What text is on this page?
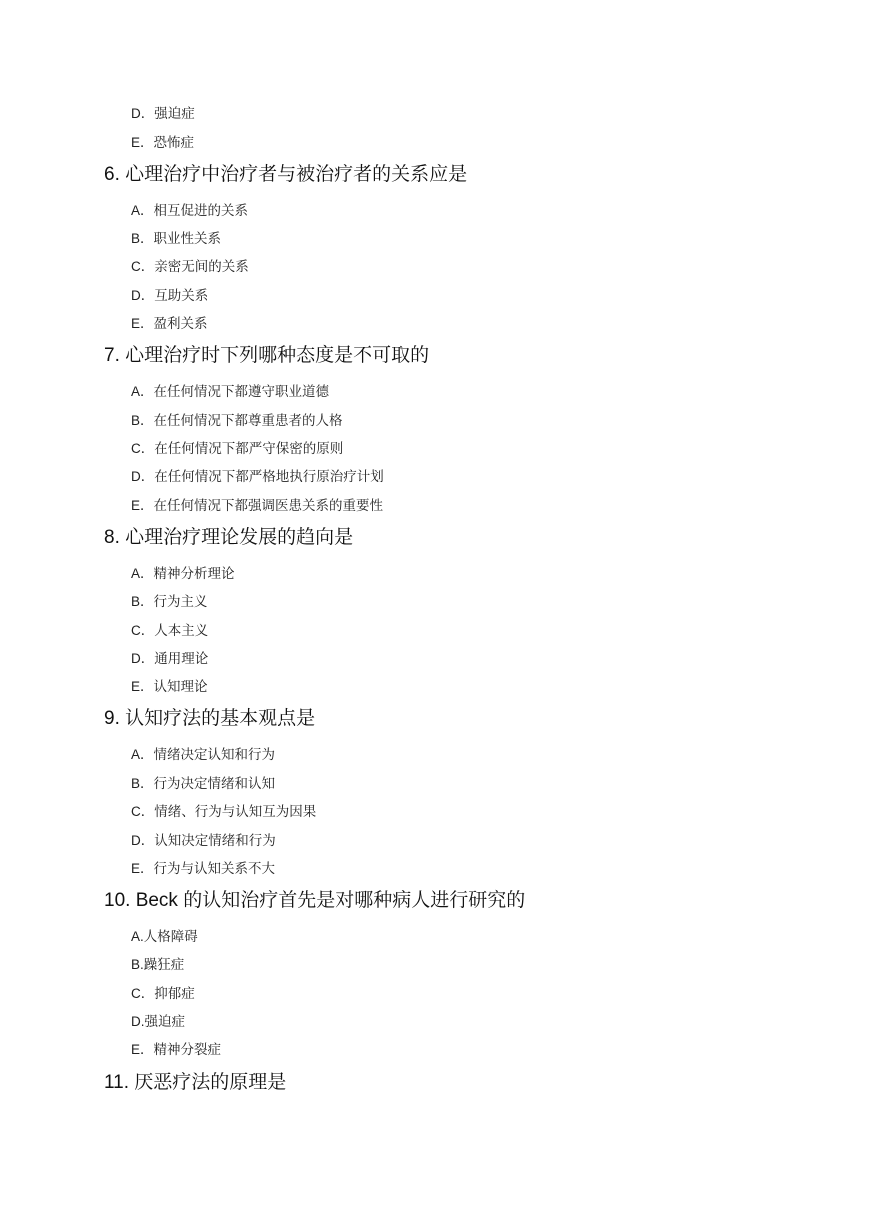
D．强迫症
E．恐怖症
6. 心理治疗中治疗者与被治疗者的关系应是
A．相互促进的关系
B．职业性关系
C．亲密无间的关系
D．互助关系
E．盈利关系
7. 心理治疗时下列哪种态度是不可取的
A．在任何情况下都遵守职业道德
B．在任何情况下都尊重患者的人格
C．在任何情况下都严守保密的原则
D．在任何情况下都严格地执行原治疗计划
E．在任何情况下都强调医患关系的重要性
8. 心理治疗理论发展的趋向是
A．精神分析理论
B．行为主义
C．人本主义
D．通用理论
E．认知理论
9. 认知疗法的基本观点是
A．情绪决定认知和行为
B．行为决定情绪和认知
C．情绪、行为与认知互为因果
D．认知决定情绪和行为
E．行为与认知关系不大
10. Beck 的认知治疗首先是对哪种病人进行研究的
A.人格障碍
B.躁狂症
C．抑郁症
D.强迫症
E．精神分裂症
11. 厌恶疗法的原理是
